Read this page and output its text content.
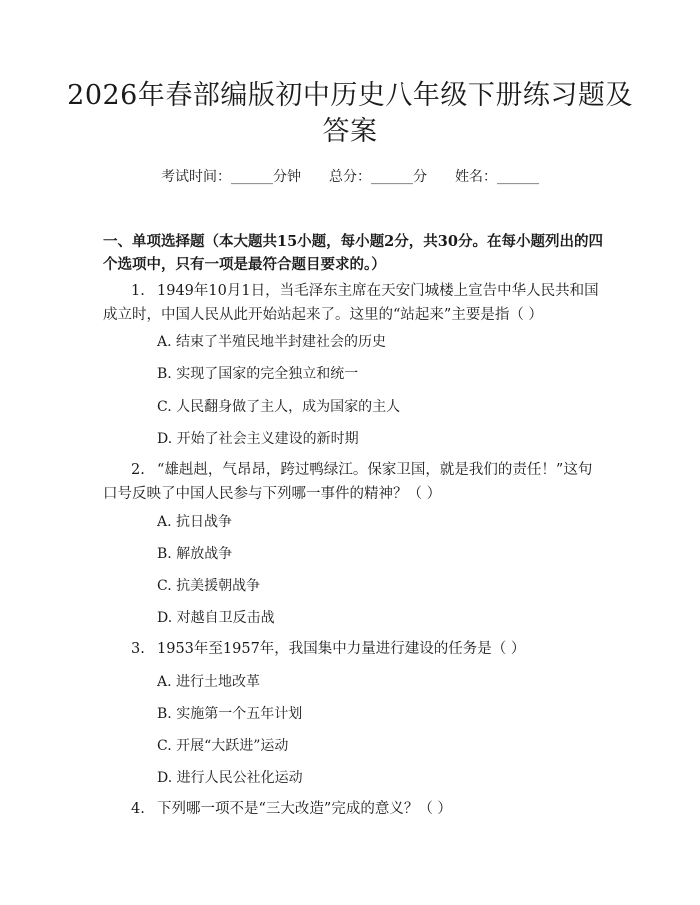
2026年春部编版初中历史八年级下册练习题及答案
考试时间：______分钟 总分：______分 姓名：______
一、单项选择题（本大题共15小题，每小题2分，共30分。在每小题列出的四个选项中，只有一项是最符合题目要求的。）
1. 1949年10月1日，当毛泽东主席在天安门城楼上宣告中华人民共和国成立时，中国人民从此开始站起来了。这里的“站起来”主要是指（ ）
A. 结束了半殖民地半封建社会的历史
B. 实现了国家的完全独立和统一
C. 人民翻身做了主人，成为国家的主人
D. 开始了社会主义建设的新时期
2. “雄赳赳，气昂昂，跨过鸭绿江。保家卫国，就是我们的责任！”这句口号反映了中国人民参与下列哪一事件的精神？（ ）
A. 抗日战争
B. 解放战争
C. 抗美援朝战争
D. 对越自卫反击战
3. 1953年至1957年，我国集中力量进行建设的任务是（ ）
A. 进行土地改革
B. 实施第一个五年计划
C. 开展“大跃进”运动
D. 进行人民公社化运动
4. 下列哪一项不是“三大改造”完成的意义？（ ）
